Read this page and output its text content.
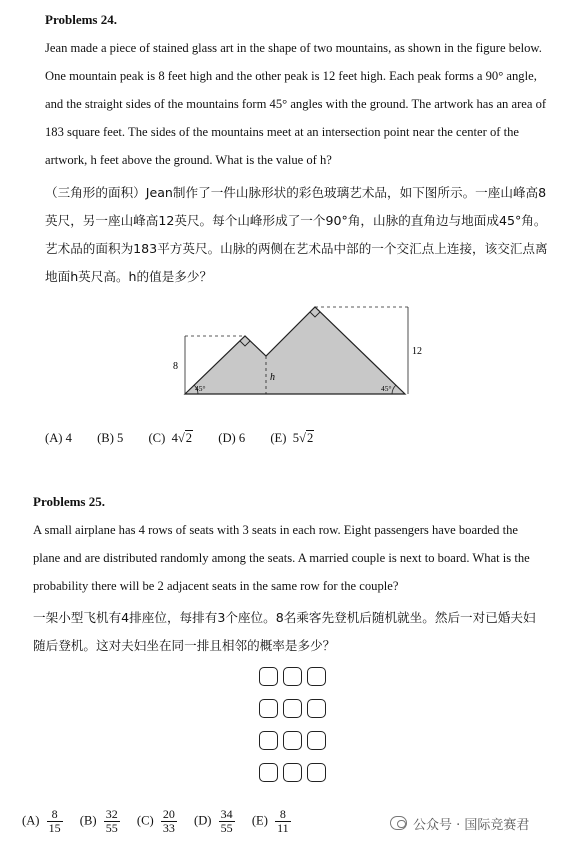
Problems 24.
Jean made a piece of stained glass art in the shape of two mountains, as shown in the figure below.
One mountain peak is 8 feet high and the other peak is 12 feet high. Each peak forms a 90° angle,
and the straight sides of the mountains form 45° angles with the ground. The artwork has an area of
183 square feet. The sides of the mountains meet at an intersection point near the center of the
artwork, h feet above the ground. What is the value of h?
（三角形的面积）Jean制作了一件山脉形状的彩色玻璃艺术品，如下图所示。一座山峰高8
英尺，另一座山峰高12英尺。每个山峰形成了一个90°角，山脉的直角边与地面成45°角。
艺术品的面积为183平方英尺。山脉的两侧在艺术品中部的一个交汇点上连接，该交汇点离
地面h英尺高。h的值是多少？
8
12
h
45°	45°
(A) 4 (B) 5 (C) 4√2 (D) 6 (E) 5√2
Problems 25.
A small airplane has 4 rows of seats with 3 seats in each row. Eight passengers have boarded the
plane and are distributed randomly among the seats. A married couple is next to board. What is the
probability there will be 2 adjacent seats in the same row for the couple?
一架小型飞机有4排座位，每排有3个座位。8名乘客先登机后随机就坐。然后一对已婚夫妇
随后登机。这对夫妇坐在同一排且相邻的概率是多少？
$(A) \frac{8}{15} (B) \frac{32}{55} (C) \frac{20}{33} (D) \frac{34}{55} (E) \frac{8}{11}$	公众号 · 国际竞赛君
